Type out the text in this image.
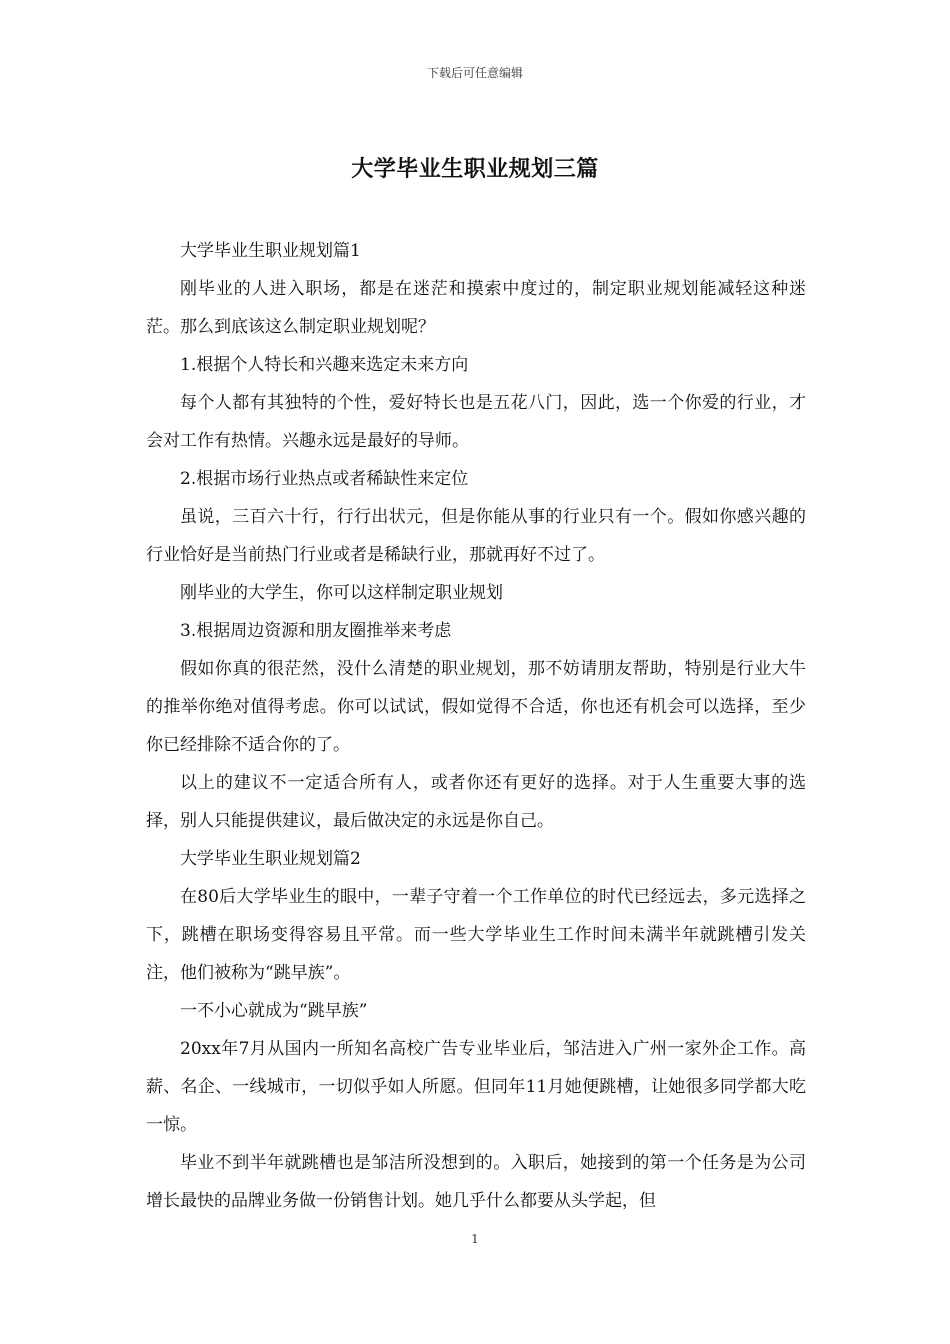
下载后可任意编辑
大学毕业生职业规划三篇

大学毕业生职业规划篇1

刚毕业的人进入职场，都是在迷茫和摸索中度过的，制定职业规划能减轻这种迷茫。那么到底该这么制定职业规划呢？

1.根据个人特长和兴趣来选定未来方向

每个人都有其独特的个性，爱好特长也是五花八门，因此，选一个你爱的行业，才会对工作有热情。兴趣永远是最好的导师。

2.根据市场行业热点或者稀缺性来定位

虽说，三百六十行，行行出状元，但是你能从事的行业只有一个。假如你感兴趣的行业恰好是当前热门行业或者是稀缺行业，那就再好不过了。

刚毕业的大学生，你可以这样制定职业规划

3.根据周边资源和朋友圈推举来考虑

假如你真的很茫然，没什么清楚的职业规划，那不妨请朋友帮助，特别是行业大牛的推举你绝对值得考虑。你可以试试，假如觉得不合适，你也还有机会可以选择，至少你已经排除不适合你的了。

以上的建议不一定适合所有人，或者你还有更好的选择。对于人生重要大事的选择，别人只能提供建议，最后做决定的永远是你自己。

大学毕业生职业规划篇2

在80后大学毕业生的眼中，一辈子守着一个工作单位的时代已经远去，多元选择之下，跳槽在职场变得容易且平常。而一些大学毕业生工作时间未满半年就跳槽引发关注，他们被称为“跳早族”。

一不小心就成为“跳早族”

20xx年7月从国内一所知名高校广告专业毕业后，邹洁进入广州一家外企工作。高薪、名企、一线城市，一切似乎如人所愿。但同年11月她便跳槽，让她很多同学都大吃一惊。

毕业不到半年就跳槽也是邹洁所没想到的。入职后，她接到的第一个任务是为公司增长最快的品牌业务做一份销售计划。她几乎什么都要从头学起，但

1
